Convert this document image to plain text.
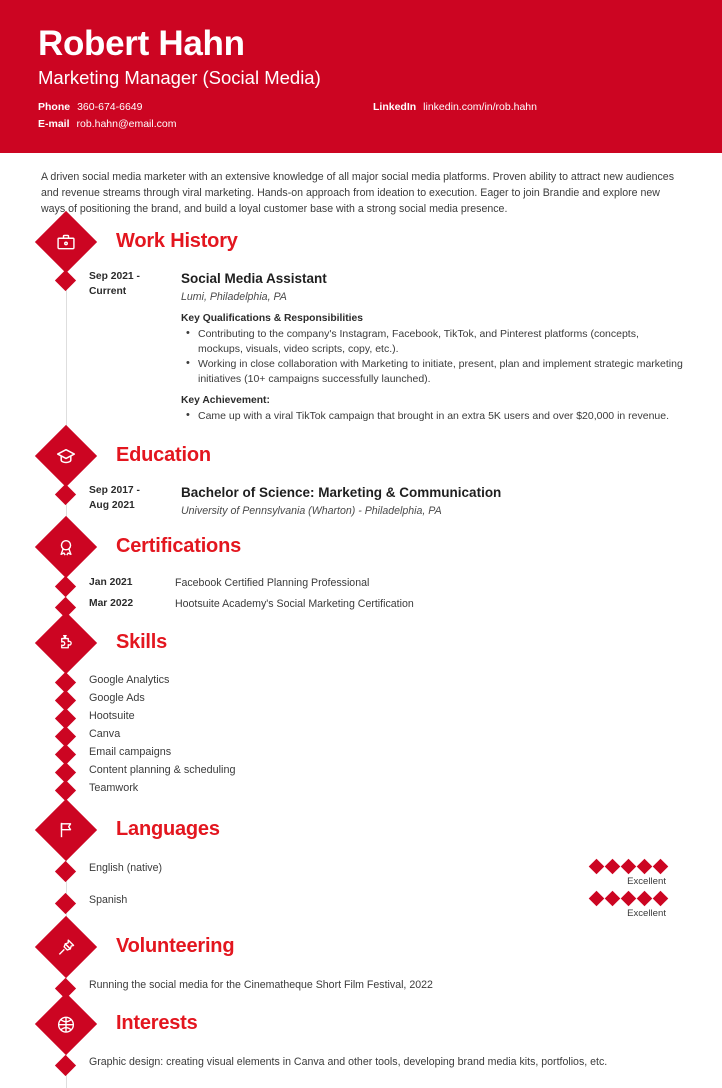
Robert Hahn
Marketing Manager (Social Media)
Phone 360-674-6649	LinkedIn linkedin.com/in/rob.hahn
E-mail rob.hahn@email.com
A driven social media marketer with an extensive knowledge of all major social media platforms. Proven ability to attract new audiences and revenue streams through viral marketing. Hands-on approach from ideation to execution. Eager to join Brandie and explore new ways of positioning the brand, and build a loyal customer base with a strong social media presence.
Work History
Sep 2021 -
Current
Social Media Assistant
Lumi, Philadelphia, PA
Key Qualifications & Responsibilities
• Contributing to the company's Instagram, Facebook, TikTok, and Pinterest platforms (concepts, mockups, visuals, video scripts, copy, etc.).
• Working in close collaboration with Marketing to initiate, present, plan and implement strategic marketing initiatives (10+ campaigns successfully launched).
Key Achievement:
• Came up with a viral TikTok campaign that brought in an extra 5K users and over $20,000 in revenue.
Education
Sep 2017 -
Aug 2021
Bachelor of Science: Marketing & Communication
University of Pennsylvania (Wharton) - Philadelphia, PA
Certifications
Jan 2021	Facebook Certified Planning Professional
Mar 2022	Hootsuite Academy's Social Marketing Certification
Skills
Google Analytics
Google Ads
Hootsuite
Canva
Email campaigns
Content planning & scheduling
Teamwork
Languages
English (native)
Excellent
Spanish
Excellent
Volunteering
Running the social media for the Cinematheque Short Film Festival, 2022
Interests
Graphic design: creating visual elements in Canva and other tools, developing brand media kits, portfolios, etc.
